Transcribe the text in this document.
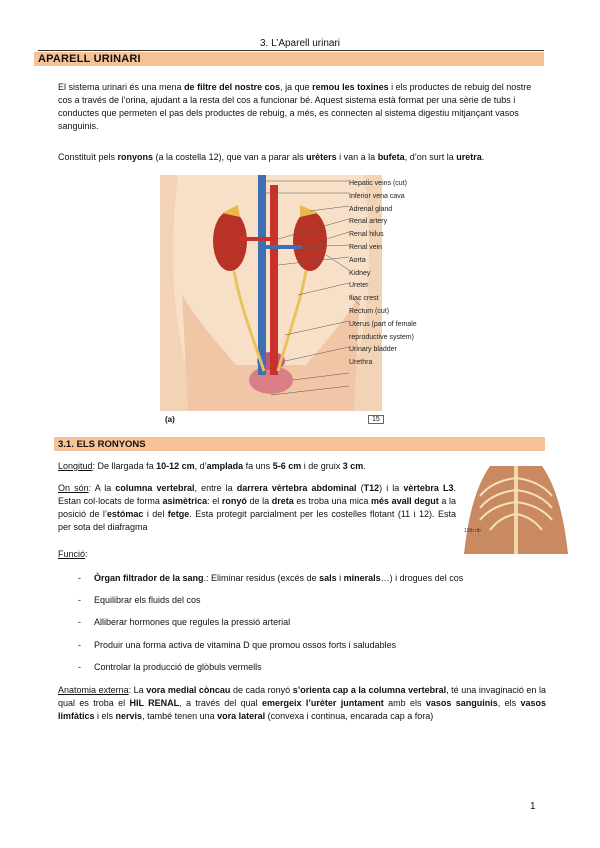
3. L’Aparell urinari
APARELL URINARI
El sistema urinari és una mena de filtre del nostre cos, ja que remou les toxines i els productes de rebuig del nostre cos a través de l’orina, ajudant a la resta del cos a funcionar bé. Aquest sistema està format per una sèrie de tubs i conductes que permeten el pas dels productes de rebuig, a més, es connecten al sistema digestiu mitjançant vasos sanguinis.
Constituït pels ronyons (a la costella 12), que van a parar als urèters i van a la bufeta, d’on surt la uretra.
Hepatic veins (cut)
Inferior vena cava
Adrenal gland
Renal artery
Renal hilus
Renal vein
Aorta
Kidney
Ureter
Iliac crest
Rectum (cut)
Uterus (part of female
reproductive system)
Urinary bladder
Urethra
(a)	15
3.1. ELS RONYONS
Longitud: De llargada fa 10-12 cm, d’amplada fa uns 5-6 cm i de gruix 3 cm.
On són: A la columna vertebral, entre la darrera vèrtebra abdominal (T12) i la vèrtebra L3. Estan col·locats de forma asimètrica: el ronyó de la dreta es troba una mica més avall degut a la posició de l’estómac i del fetge. Esta protegit parcialment per les costelles flotant (11 i 12). Esta per sota del diafragma	12th rib
Funció:
- Òrgan filtrador de la sang.: Eliminar residus (excés de sals i minerals…) i drogues del cos
- Equilibrar els fluids del cos
- Alliberar hormones que regules la pressió arterial
- Produir una forma activa de vitamina D que promou ossos forts i saludables
- Controlar la producció de glòbuls vermells
Anatomia externa: La vora medial còncau de cada ronyó s’orienta cap a la columna vertebral, té una invaginació en la qual es troba el HIL RENAL, a través del qual emergeix l’urèter juntament amb els vasos sanguinis, els vasos limfàtics i els nervis, també tenen una vora lateral (convexa i continua, encarada cap a fora)
1
